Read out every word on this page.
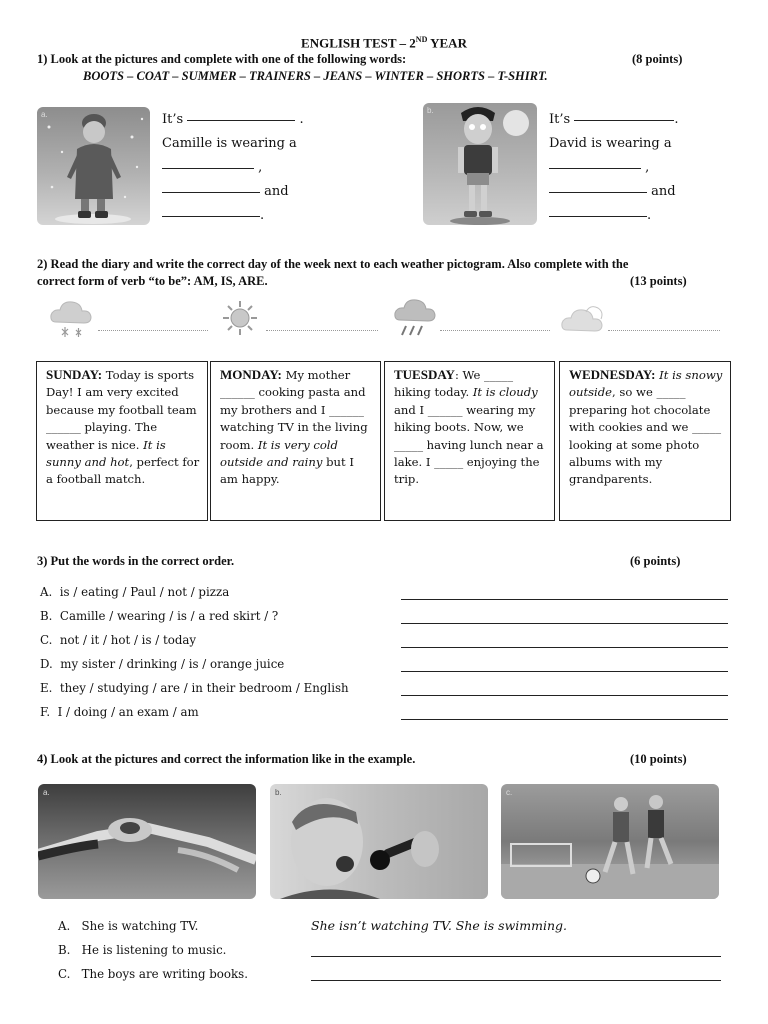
ENGLISH TEST – 2ND YEAR
1) Look at the pictures and complete with one of the following words:	(8 points)
BOOTS – COAT – SUMMER – TRAINERS – JEANS – WINTER – SHORTS – T-SHIRT.
a.	It’s	.
Camille is wearing a
,
and
.
b.
It’s	.
David is wearing a
,
and
.
2) Read the diary and write the correct day of the week next to each weather pictogram. Also complete with the
correct form of verb “to be”: AM, IS, ARE.	(13 points)
SUNDAY: Today is sports Day! I am very excited because my football team ______ playing. The weather is nice. It is sunny and hot, perfect for a football match.
MONDAY: My mother ______ cooking pasta and my brothers and I ______ watching TV in the living room. It is very cold outside and rainy but I am happy.
TUESDAY: We _____ hiking today. It is cloudy and I ______ wearing my hiking boots. Now, we _____ having lunch near a lake. I _____ enjoying the trip.
WEDNESDAY: It is snowy outside, so we _____ preparing hot chocolate with cookies and we _____ looking at some photo albums with my grandparents.
3) Put the words in the correct order.	(6 points)
A. is / eating / Paul / not / pizza
B. Camille / wearing / is / a red skirt / ?
C. not / it / hot / is / today
D. my sister / drinking / is / orange juice
E. they / studying / are / in their bedroom / English
F. I / doing / an exam / am
4) Look at the pictures and correct the information like in the example.	(10 points)
a.	b.	c.
A. She is watching TV.	She isn’t watching TV. She is swimming.
B. He is listening to music.
C. The boys are writing books.
